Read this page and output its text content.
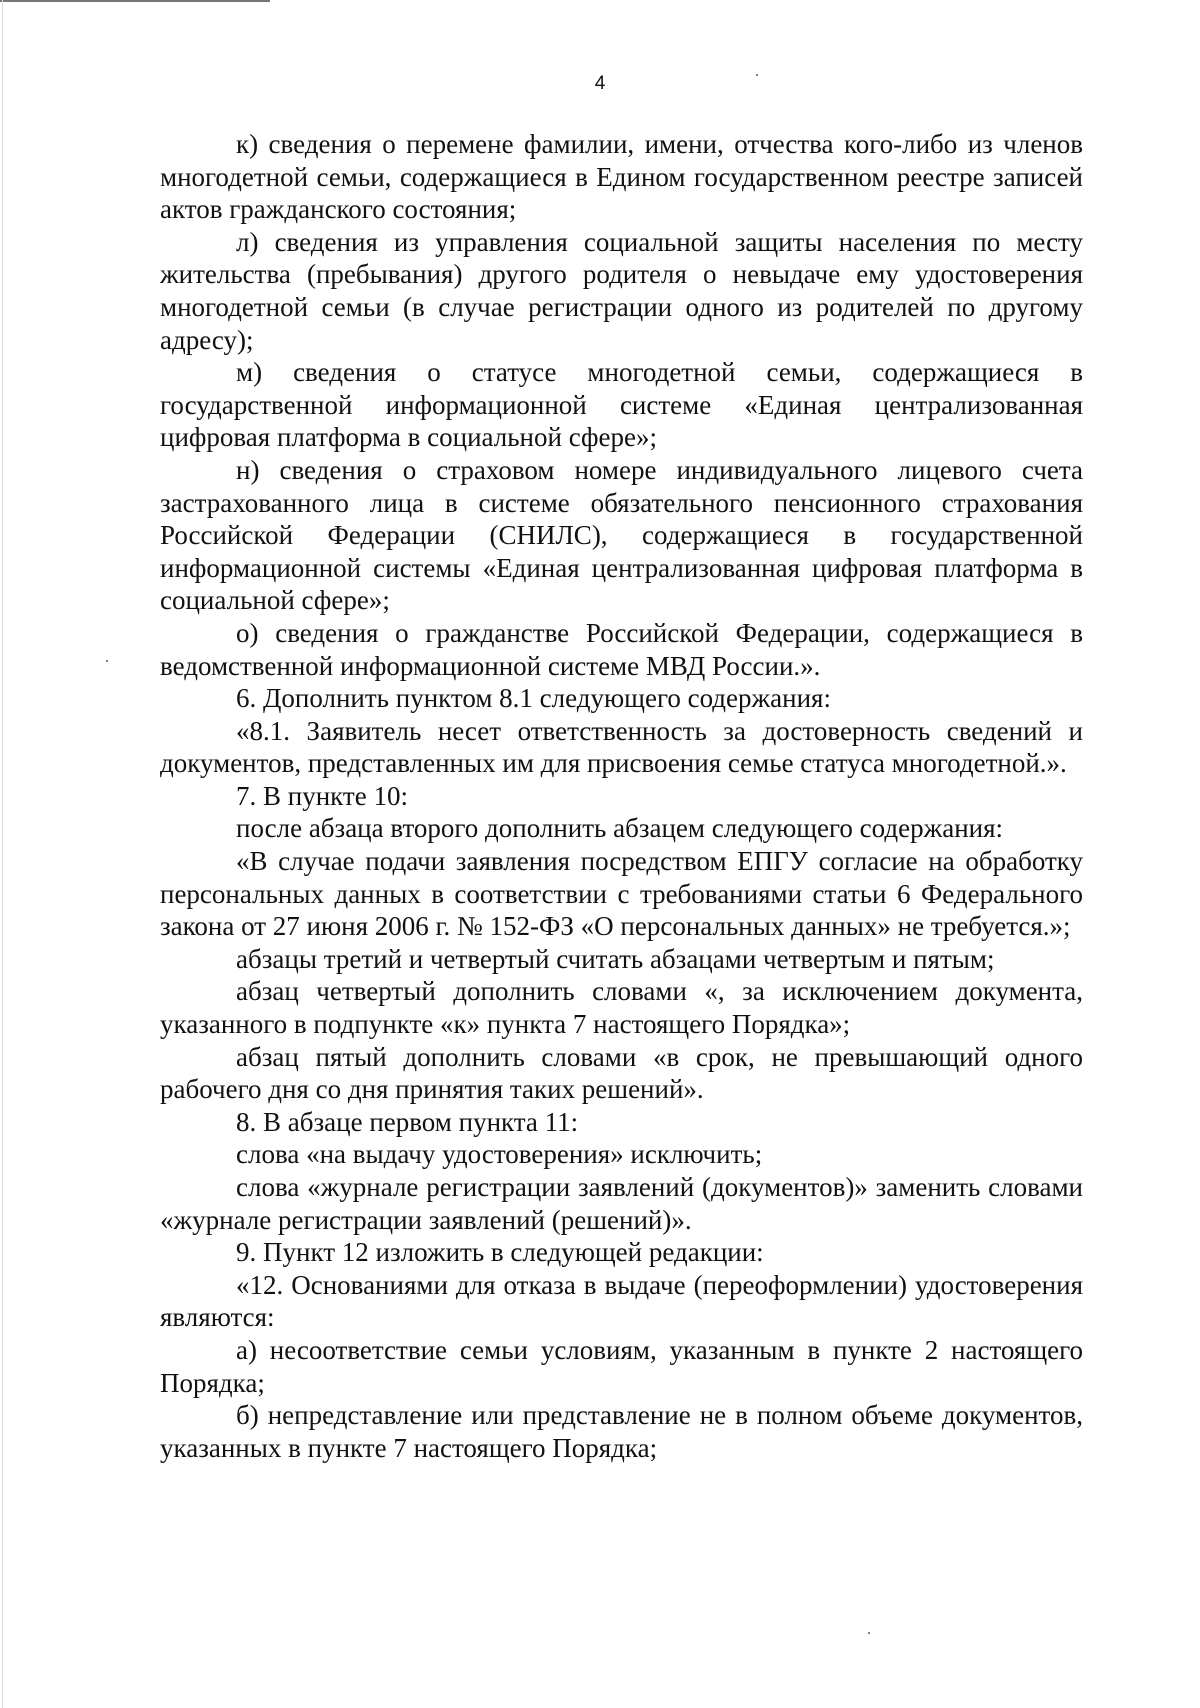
4

к) сведения о перемене фамилии, имени, отчества кого-либо из членов многодетной семьи, содержащиеся в Едином государственном реестре записей актов гражданского состояния;

л) сведения из управления социальной защиты населения по месту жительства (пребывания) другого родителя о невыдаче ему удостоверения многодетной семьи (в случае регистрации одного из родителей по другому адресу);

м) сведения о статусе многодетной семьи, содержащиеся в государственной информационной системе «Единая централизованная цифровая платформа в социальной сфере»;

н) сведения о страховом номере индивидуального лицевого счета застрахованного лица в системе обязательного пенсионного страхования Российской Федерации (СНИЛС), содержащиеся в государственной информационной системы «Единая централизованная цифровая платформа в социальной сфере»;

о) сведения о гражданстве Российской Федерации, содержащиеся в ведомственной информационной системе МВД России.».

6. Дополнить пунктом 8.1 следующего содержания:

«8.1. Заявитель несет ответственность за достоверность сведений и документов, представленных им для присвоения семье статуса многодетной.».

7. В пункте 10:

после абзаца второго дополнить абзацем следующего содержания:

«В случае подачи заявления посредством ЕПГУ согласие на обработку персональных данных в соответствии с требованиями статьи 6 Федерального закона от 27 июня 2006 г. № 152-ФЗ «О персональных данных» не требуется.»;

абзацы третий и четвертый считать абзацами четвертым и пятым;

абзац четвертый дополнить словами «, за исключением документа, указанного в подпункте «к» пункта 7 настоящего Порядка»;

абзац пятый дополнить словами «в срок, не превышающий одного рабочего дня со дня принятия таких решений».

8. В абзаце первом пункта 11:

слова «на выдачу удостоверения» исключить;

слова «журнале регистрации заявлений (документов)» заменить словами «журнале регистрации заявлений (решений)».

9. Пункт 12 изложить в следующей редакции:

«12. Основаниями для отказа в выдаче (переоформлении) удостоверения являются:

а) несоответствие семьи условиям, указанным в пункте 2 настоящего Порядка;

б) непредставление или представление не в полном объеме документов, указанных в пункте 7 настоящего Порядка;
